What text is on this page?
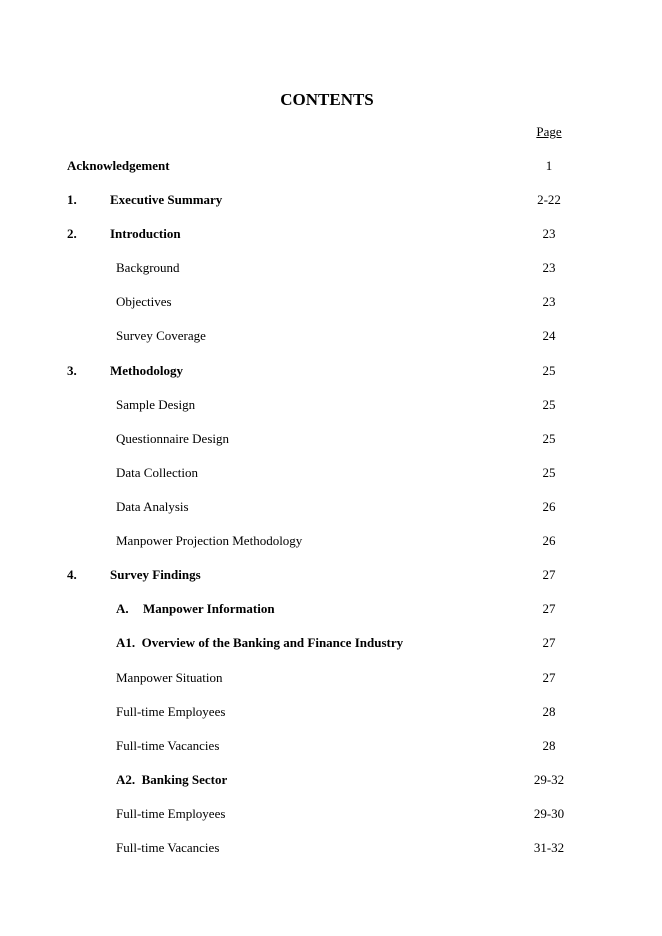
CONTENTS
Page
Acknowledgement	1
1.	Executive Summary	2-22
2.	Introduction	23
Background	23
Objectives	23
Survey Coverage	24
3.	Methodology	25
Sample Design	25
Questionnaire Design	25
Data Collection	25
Data Analysis	26
Manpower Projection Methodology	26
4.	Survey Findings	27
A. Manpower Information	27
A1. Overview of the Banking and Finance Industry	27
Manpower Situation	27
Full-time Employees	28
Full-time Vacancies	28
A2. Banking Sector	29-32
Full-time Employees	29-30
Full-time Vacancies	31-32
